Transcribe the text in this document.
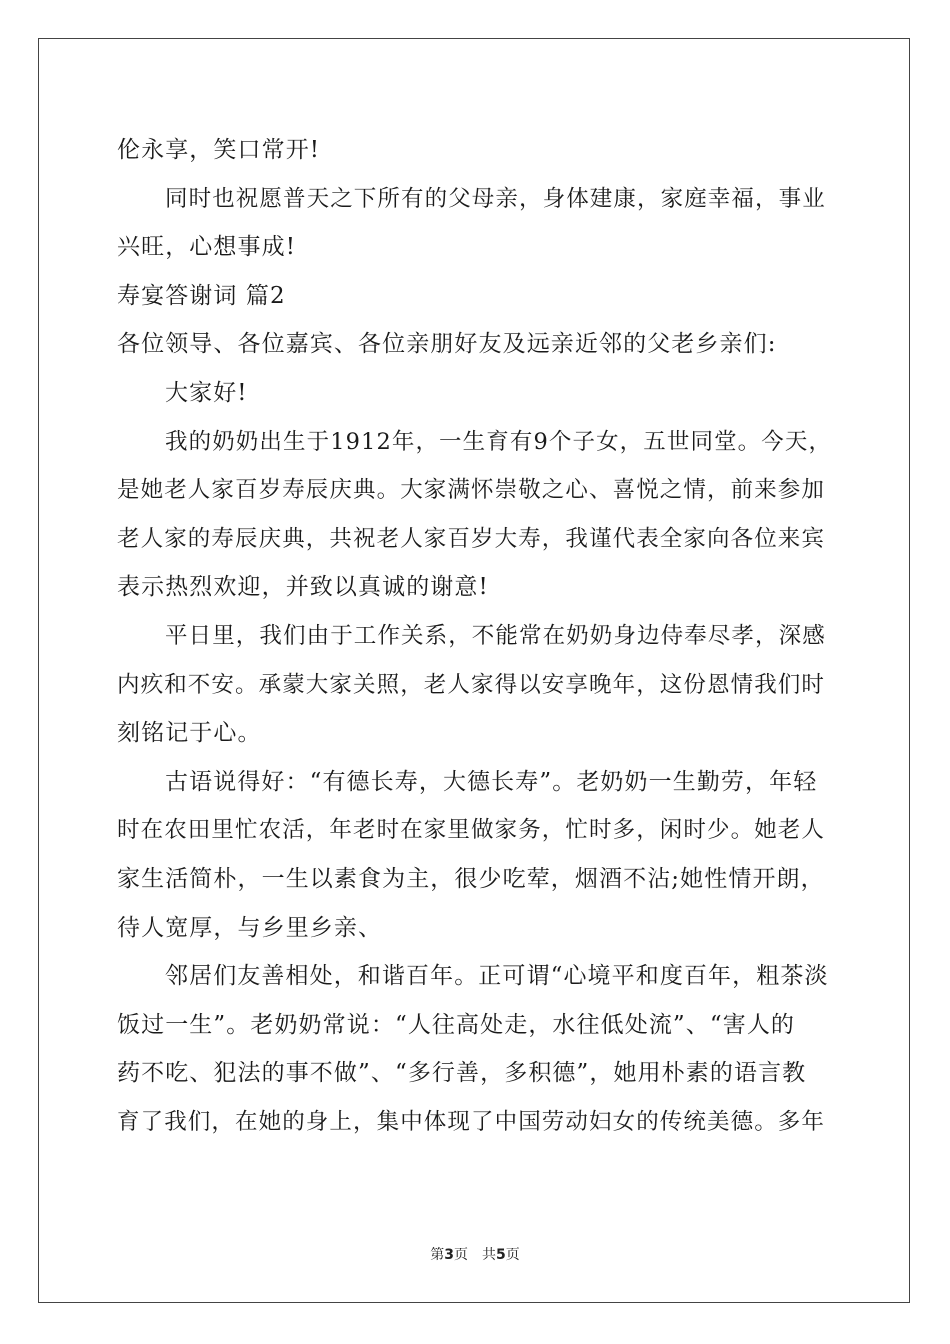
伦永享，笑口常开!
同时也祝愿普天之下所有的父母亲，身体建康，家庭幸福，事业
兴旺，心想事成!
寿宴答谢词 篇2
各位领导、各位嘉宾、各位亲朋好友及远亲近邻的父老乡亲们:
大家好!
我的奶奶出生于1912年，一生育有9个子女，五世同堂。今天，
是她老人家百岁寿辰庆典。大家满怀崇敬之心、喜悦之情，前来参加
老人家的寿辰庆典，共祝老人家百岁大寿，我谨代表全家向各位来宾
表示热烈欢迎，并致以真诚的谢意!
平日里，我们由于工作关系，不能常在奶奶身边侍奉尽孝，深感
内疚和不安。承蒙大家关照，老人家得以安享晚年，这份恩情我们时
刻铭记于心。
古语说得好：“有德长寿，大德长寿”。老奶奶一生勤劳，年轻
时在农田里忙农活，年老时在家里做家务，忙时多，闲时少。她老人
家生活简朴，一生以素食为主，很少吃荤，烟酒不沾;她性情开朗，
待人宽厚，与乡里乡亲、
邻居们友善相处，和谐百年。正可谓“心境平和度百年，粗茶淡
饭过一生”。老奶奶常说：“人往高处走，水往低处流”、“害人的
药不吃、犯法的事不做”、“多行善，多积德”，她用朴素的语言教
育了我们，在她的身上，集中体现了中国劳动妇女的传统美德。多年
第3页 共5页
